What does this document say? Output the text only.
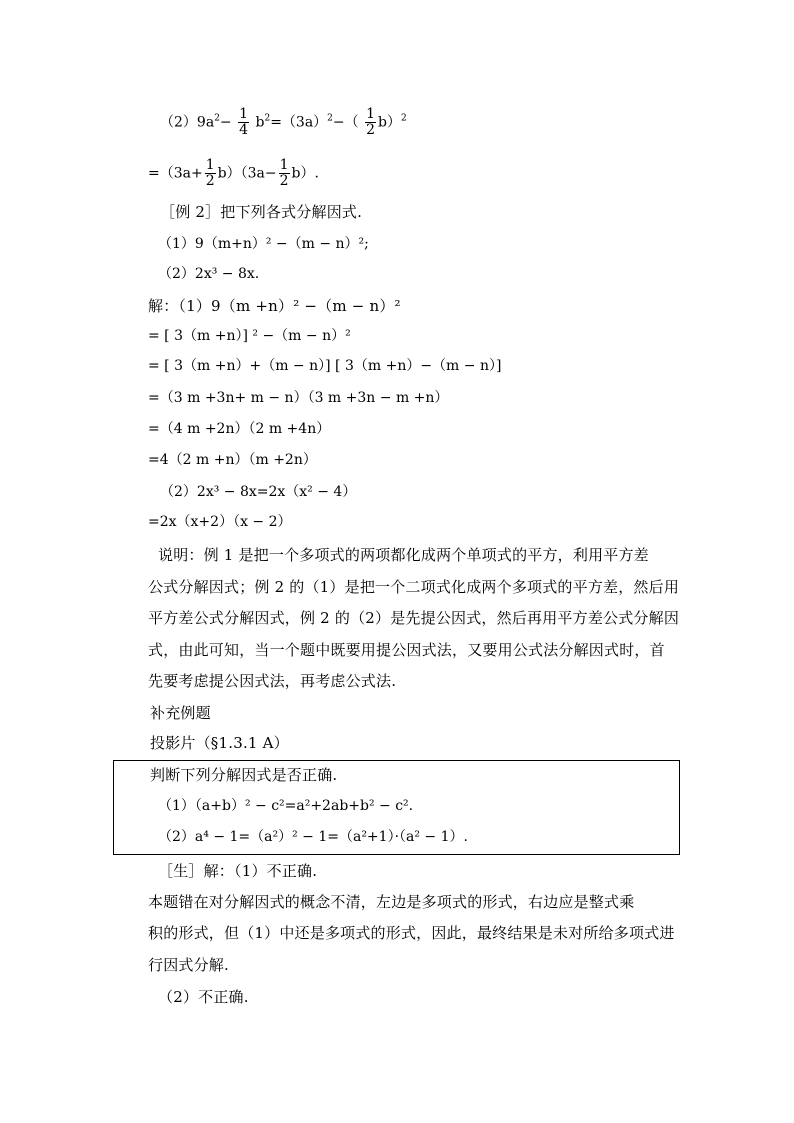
$(2)9a^2- \frac{1}{4} b^2=(3a)^2-( \frac{1}{2} b)^2$
$=(3a+ \frac{1}{2} b)(3a- \frac{1}{2} b)$.
［例 2］把下列各式分解因式.
（1）9（m+n）² −（m − n）²;
（2）2x³ − 8x.
解：（1）9（m +n）² −（m − n）²
= [ 3（m +n）] ² −（m − n）²
= [ 3（m +n）+（m − n）] [ 3（m +n）−（m − n）]
=（3 m +3n+ m − n）（3 m +3n − m +n）
=（4 m +2n）（2 m +4n）
=4（2 m +n）（m +2n）
（2）2x³ − 8x=2x（x² − 4）
=2x（x+2）（x − 2）
说明：例 1 是把一个多项式的两项都化成两个单项式的平方，利用平方差
公式分解因式；例 2 的（1）是把一个二项式化成两个多项式的平方差，然后用
平方差公式分解因式，例 2 的（2）是先提公因式，然后再用平方差公式分解因
式，由此可知，当一个题中既要用提公因式法，又要用公式法分解因式时，首
先要考虑提公因式法，再考虑公式法.
补充例题
投影片（§1.3.1 A）
判断下列分解因式是否正确.
（1）（a+b）² − c²=a²+2ab+b² − c².
（2）a⁴ − 1=（a²）² − 1=（a²+1）·（a² − 1）.
［生］解：（1）不正确.
本题错在对分解因式的概念不清，左边是多项式的形式，右边应是整式乘
积的形式，但（1）中还是多项式的形式，因此，最终结果是未对所给多项式进
行因式分解.
（2）不正确.
